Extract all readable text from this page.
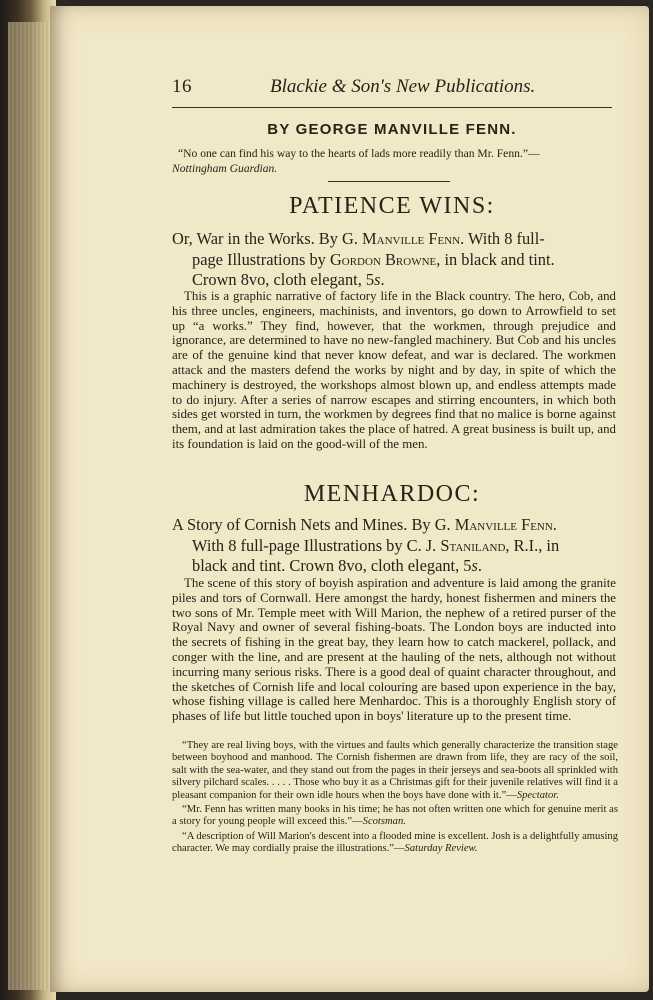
16	Blackie & Son's New Publications.
BY GEORGE MANVILLE FENN.
“No one can find his way to the hearts of lads more readily than Mr. Fenn.”—
Nottingham Guardian.
PATIENCE WINS:
Or, War in the Works. By G. Manville Fenn. With 8 full-
page Illustrations by Gordon Browne, in black and tint.
Crown 8vo, cloth elegant, 5s.

This is a graphic narrative of factory life in the Black country. The hero, Cob, and his three uncles, engineers, machinists, and inventors, go down to Arrowfield to set up “a works.” They find, however, that the workmen, through prejudice and ignorance, are determined to have no new-fangled machinery. But Cob and his uncles are of the genuine kind that never know defeat, and war is declared. The workmen attack and the masters defend the works by night and by day, in spite of which the machinery is destroyed, the workshops almost blown up, and endless attempts made to do injury. After a series of narrow escapes and stirring encounters, in which both sides get worsted in turn, the workmen by degrees find that no malice is borne against them, and at last admiration takes the place of hatred. A great business is built up, and its foundation is laid on the good-will of the men.

MENHARDOC:
A Story of Cornish Nets and Mines. By G. Manville Fenn.
With 8 full-page Illustrations by C. J. Staniland, R.I., in
black and tint. Crown 8vo, cloth elegant, 5s.

The scene of this story of boyish aspiration and adventure is laid among the granite piles and tors of Cornwall. Here amongst the hardy, honest fishermen and miners the two sons of Mr. Temple meet with Will Marion, the nephew of a retired purser of the Royal Navy and owner of several fishing-boats. The London boys are inducted into the secrets of fishing in the great bay, they learn how to catch mackerel, pollack, and conger with the line, and are present at the hauling of the nets, although not without incurring many serious risks. There is a good deal of quaint character throughout, and the sketches of Cornish life and local colouring are based upon experience in the bay, whose fishing village is called here Menhardoc. This is a thoroughly English story of phases of life but little touched upon in boys' literature up to the present time.

“They are real living boys, with the virtues and faults which generally characterize the transition stage between boyhood and manhood. The Cornish fishermen are drawn from life, they are racy of the soil, salt with the sea-water, and they stand out from the pages in their jerseys and sea-boots all sprinkled with silvery pilchard scales. . . . . Those who buy it as a Christmas gift for their juvenile relatives will find it a pleasant companion for their own idle hours when the boys have done with it.”—Spectator.

“Mr. Fenn has written many books in his time; he has not often written one which for genuine merit as a story for young people will exceed this.”—Scotsman.

“A description of Will Marion's descent into a flooded mine is excellent. Josh is a delightfully amusing character. We may cordially praise the illustrations.”—Saturday Review.
